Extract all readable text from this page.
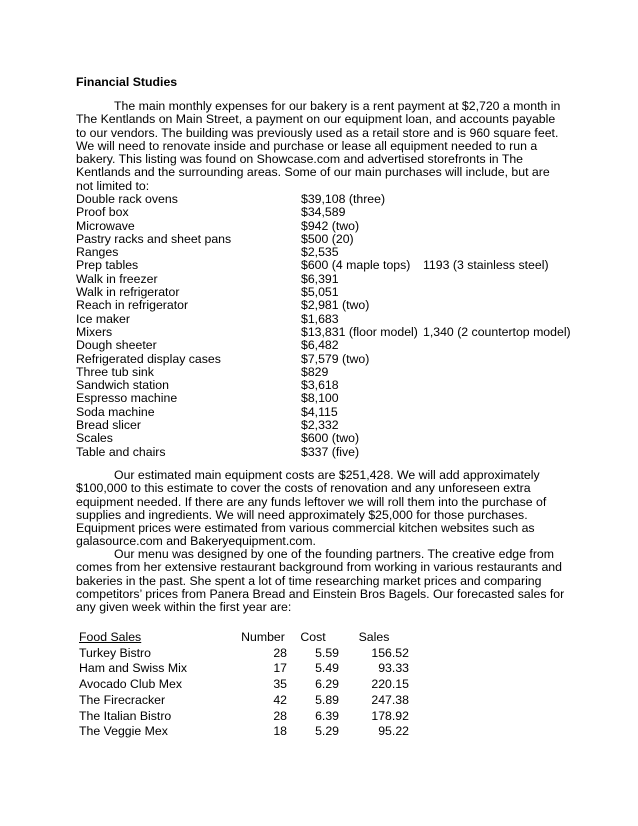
Financial Studies

The main monthly expenses for our bakery is a rent payment at $2,720 a month in The Kentlands on Main Street, a payment on our equipment loan, and accounts payable to our vendors. The building was previously used as a retail store and is 960 square feet. We will need to renovate inside and purchase or lease all equipment needed to run a bakery. This listing was found on Showcase.com and advertised storefronts in The Kentlands and the surrounding areas. Some of our main purchases will include, but are not limited to:

Double rack ovens	$39,108 (three)
Proof box	$34,589
Microwave	$942 (two)
Pastry racks and sheet pans	$500 (20)
Ranges	$2,535
Prep tables	$600 (4 maple tops) 1193 (3 stainless steel)
Walk in freezer	$6,391
Walk in refrigerator	$5,051
Reach in refrigerator	$2,981 (two)
Ice maker	$1,683
Mixers	$13,831 (floor model) 1,340 (2 countertop model)
Dough sheeter	$6,482
Refrigerated display cases	$7,579 (two)
Three tub sink	$829
Sandwich station	$3,618
Espresso machine	$8,100
Soda machine	$4,115
Bread slicer	$2,332
Scales	$600 (two)
Table and chairs	$337 (five)

Our estimated main equipment costs are $251,428. We will add approximately $100,000 to this estimate to cover the costs of renovation and any unforeseen extra equipment needed. If there are any funds leftover we will roll them into the purchase of supplies and ingredients. We will need approximately $25,000 for those purchases. Equipment prices were estimated from various commercial kitchen websites such as galasource.com and Bakeryequipment.com.

Our menu was designed by one of the founding partners. The creative edge from comes from her extensive restaurant background from working in various restaurants and bakeries in the past. She spent a lot of time researching market prices and comparing competitors’ prices from Panera Bread and Einstein Bros Bagels. Our forecasted sales for any given week within the first year are:

Food Sales	Number	Cost	Sales
Turkey Bistro	28	5.59	156.52
Ham and Swiss Mix	17	5.49	93.33
Avocado Club Mex	35	6.29	220.15
The Firecracker	42	5.89	247.38
The Italian Bistro	28	6.39	178.92
The Veggie Mex	18	5.29	95.22
